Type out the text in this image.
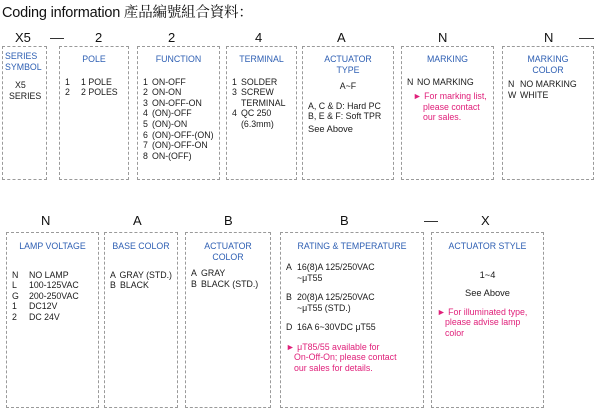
Coding information 產品編號組合資料：
X5	2	2	4	A	N	N
SERIES
SYMBOL
X5
SERIES
POLE
1	1 POLE
2	2 POLES
FUNCTION
1 ON-OFF
2 ON-ON
3 ON-OFF-ON
4 (ON)-OFF
5 (ON)-ON
6 (ON)-OFF-(ON)
7 (ON)-OFF-ON
8 ON-(OFF)
TERMINAL
1 SOLDER
3 SCREW
TERMINAL
4 QC 250
(6.3mm)
ACTUATOR
TYPE
A~F
A, C & D: Hard PC
B, E & F: Soft TPR
See Above
MARKING
N NO MARKING
► For marking list,
please contact
our sales.
MARKING
COLOR
N NO MARKING
W WHITE
N	A	B	B	X
LAMP VOLTAGE
N	NO LAMP
L	100-125VAC
G	200-250VAC
1	DC12V
2	DC 24V
BASE COLOR
A GRAY (STD.)
B BLACK
ACTUATOR
COLOR
A GRAY
B BLACK (STD.)
RATING & TEMPERATURE
A 16(8)A 125/250VAC
~μT55
B 20(8)A 125/250VAC
~μT55 (STD.)
D 16A 6~30VDC μT55
► μT85/55 available for
On-Off-On; please contact
our sales for details.
ACTUATOR STYLE
1~4
See Above
► For illuminated type,
please advise lamp
color
